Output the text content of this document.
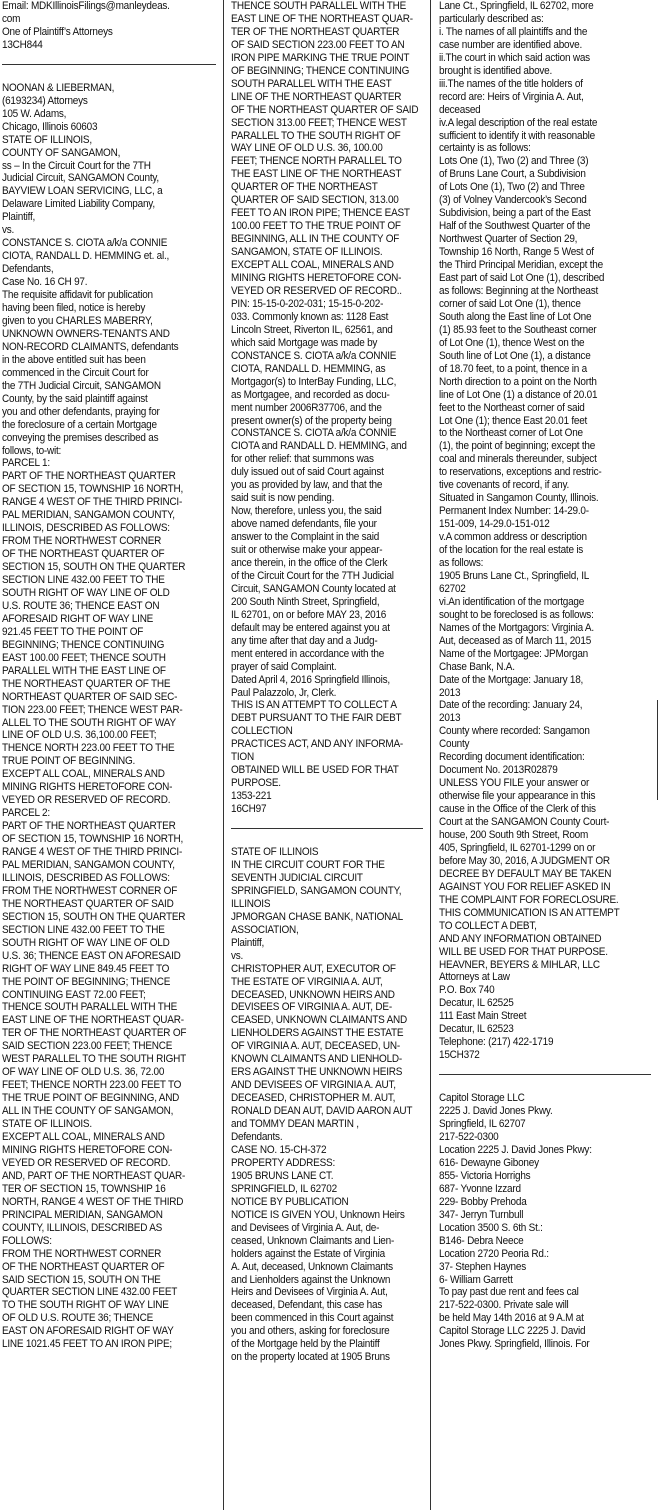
Email: MDKIllinoisFilings@manleydeas.
com
One of Plaintiff’s Attorneys
13CH844
NOONAN & LIEBERMAN,
(6193234) Attorneys
105 W. Adams,
Chicago, Illinois 60603
STATE OF ILLINOIS,
COUNTY OF SANGAMON,
ss – In the Circuit Court for the 7TH
Judicial Circuit, SANGAMON County,
BAYVIEW LOAN SERVICING, LLC, a
Delaware Limited Liability Company,
Plaintiff,
vs.
CONSTANCE S. CIOTA a/k/a CONNIE
CIOTA, RANDALL D. HEMMING et. al.,
Defendants,
Case No. 16 CH 97.
The requisite affidavit for publication
having been filed, notice is hereby
given to you CHARLES MABERRY,
UNKNOWN OWNERS-TENANTS AND
NON-RECORD CLAIMANTS, defendants
in the above entitled suit has been
commenced in the Circuit Court for
the 7TH Judicial Circuit, SANGAMON
County, by the said plaintiff against
you and other defendants, praying for
the foreclosure of a certain Mortgage
conveying the premises described as
follows, to-wit:
PARCEL 1:
PART OF THE NORTHEAST QUARTER
OF SECTION 15, TOWNSHIP 16 NORTH,
RANGE 4 WEST OF THE THIRD PRINCI-
PAL MERIDIAN, SANGAMON COUNTY,
ILLINOIS, DESCRIBED AS FOLLOWS:
FROM THE NORTHWEST CORNER
OF THE NORTHEAST QUARTER OF
SECTION 15, SOUTH ON THE QUARTER
SECTION LINE 432.00 FEET TO THE
SOUTH RIGHT OF WAY LINE OF OLD
U.S. ROUTE 36; THENCE EAST ON
AFORESAID RIGHT OF WAY LINE
921.45 FEET TO THE POINT OF
BEGINNING; THENCE CONTINUING
EAST 100.00 FEET; THENCE SOUTH
PARALLEL WITH THE EAST LINE OF
THE NORTHEAST QUARTER OF THE
NORTHEAST QUARTER OF SAID SEC-
TION 223.00 FEET; THENCE WEST PAR-
ALLEL TO THE SOUTH RIGHT OF WAY
LINE OF OLD U.S. 36,100.00 FEET;
THENCE NORTH 223.00 FEET TO THE
TRUE POINT OF BEGINNING.
EXCEPT ALL COAL, MINERALS AND
MINING RIGHTS HERETOFORE CON-
VEYED OR RESERVED OF RECORD.
PARCEL 2:
PART OF THE NORTHEAST QUARTER
OF SECTION 15, TOWNSHIP 16 NORTH,
RANGE 4 WEST OF THE THIRD PRINCI-
PAL MERIDIAN, SANGAMON COUNTY,
ILLINOIS, DESCRIBED AS FOLLOWS:
FROM THE NORTHWEST CORNER OF
THE NORTHEAST QUARTER OF SAID
SECTION 15, SOUTH ON THE QUARTER
SECTION LINE 432.00 FEET TO THE
SOUTH RIGHT OF WAY LINE OF OLD
U.S. 36; THENCE EAST ON AFORESAID
RIGHT OF WAY LINE 849.45 FEET TO
THE POINT OF BEGINNING; THENCE
CONTINUING EAST 72.00 FEET;
THENCE SOUTH PARALLEL WITH THE
EAST LINE OF THE NORTHEAST QUAR-
TER OF THE NORTHEAST QUARTER OF
SAID SECTION 223.00 FEET; THENCE
WEST PARALLEL TO THE SOUTH RIGHT
OF WAY LINE OF OLD U.S. 36, 72.00
FEET; THENCE NORTH 223.00 FEET TO
THE TRUE POINT OF BEGINNING, AND
ALL IN THE COUNTY OF SANGAMON,
STATE OF ILLINOIS.
EXCEPT ALL COAL, MINERALS AND
MINING RIGHTS HERETOFORE CON-
VEYED OR RESERVED OF RECORD.
AND, PART OF THE NORTHEAST QUAR-
TER OF SECTION 15, TOWNSHIP 16
NORTH, RANGE 4 WEST OF THE THIRD
PRINCIPAL MERIDIAN, SANGAMON
COUNTY, ILLINOIS, DESCRIBED AS
FOLLOWS:
FROM THE NORTHWEST CORNER
OF THE NORTHEAST QUARTER OF
SAID SECTION 15, SOUTH ON THE
QUARTER SECTION LINE 432.00 FEET
TO THE SOUTH RIGHT OF WAY LINE
OF OLD U.S. ROUTE 36; THENCE
EAST ON AFORESAID RIGHT OF WAY
LINE 1021.45 FEET TO AN IRON PIPE;
THENCE SOUTH PARALLEL WITH THE
EAST LINE OF THE NORTHEAST QUAR-
TER OF THE NORTHEAST QUARTER
OF SAID SECTION 223.00 FEET TO AN
IRON PIPE MARKING THE TRUE POINT
OF BEGINNING; THENCE CONTINUING
SOUTH PARALLEL WITH THE EAST
LINE OF THE NORTHEAST QUARTER
OF THE NORTHEAST QUARTER OF SAID
SECTION 313.00 FEET; THENCE WEST
PARALLEL TO THE SOUTH RIGHT OF
WAY LINE OF OLD U.S. 36, 100.00
FEET; THENCE NORTH PARALLEL TO
THE EAST LINE OF THE NORTHEAST
QUARTER OF THE NORTHEAST
QUARTER OF SAID SECTION, 313.00
FEET TO AN IRON PIPE; THENCE EAST
100.00 FEET TO THE TRUE POINT OF
BEGINNING, ALL IN THE COUNTY OF
SANGAMON, STATE OF ILLINOIS.
EXCEPT ALL COAL, MINERALS AND
MINING RIGHTS HERETOFORE CON-
VEYED OR RESERVED OF RECORD..
PIN: 15-15-0-202-031; 15-15-0-202-
033. Commonly known as: 1128 East
Lincoln Street, Riverton IL, 62561, and
which said Mortgage was made by
CONSTANCE S. CIOTA a/k/a CONNIE
CIOTA, RANDALL D. HEMMING, as
Mortgagor(s) to InterBay Funding, LLC,
as Mortgagee, and recorded as docu-
ment number 2006R37706, and the
present owner(s) of the property being
CONSTANCE S. CIOTA a/k/a CONNIE
CIOTA and RANDALL D. HEMMING, and
for other relief: that summons was
duly issued out of said Court against
you as provided by law, and that the
said suit is now pending.
Now, therefore, unless you, the said
above named defendants, file your
answer to the Complaint in the said
suit or otherwise make your appear-
ance therein, in the office of the Clerk
of the Circuit Court for the 7TH Judicial
Circuit, SANGAMON County located at
200 South Ninth Street, Springfield,
IL 62701, on or before MAY 23, 2016
default may be entered against you at
any time after that day and a Judg-
ment entered in accordance with the
prayer of said Complaint.
Dated April 4, 2016 Springfield Illinois,
Paul Palazzolo, Jr, Clerk.
THIS IS AN ATTEMPT TO COLLECT A
DEBT PURSUANT TO THE FAIR DEBT
COLLECTION
PRACTICES ACT, AND ANY INFORMA-
TION
OBTAINED WILL BE USED FOR THAT
PURPOSE.
1353-221
16CH97
STATE OF ILLINOIS
IN THE CIRCUIT COURT FOR THE
SEVENTH JUDICIAL CIRCUIT
SPRINGFIELD, SANGAMON COUNTY,
ILLINOIS
JPMORGAN CHASE BANK, NATIONAL
ASSOCIATION,
Plaintiff,
vs.
CHRISTOPHER AUT, EXECUTOR OF
THE ESTATE OF VIRGINIA A. AUT,
DECEASED, UNKNOWN HEIRS AND
DEVISEES OF VIRGINIA A. AUT, DE-
CEASED, UNKNOWN CLAIMANTS AND
LIENHOLDERS AGAINST THE ESTATE
OF VIRGINIA A. AUT, DECEASED, UN-
KNOWN CLAIMANTS AND LIENHOLD-
ERS AGAINST THE UNKNOWN HEIRS
AND DEVISEES OF VIRGINIA A. AUT,
DECEASED, CHRISTOPHER M. AUT,
RONALD DEAN AUT, DAVID AARON AUT
and TOMMY DEAN MARTIN ,
Defendants.
CASE NO. 15-CH-372
PROPERTY ADDRESS:
1905 BRUNS LANE CT.
SPRINGFIELD, IL 62702
NOTICE BY PUBLICATION
NOTICE IS GIVEN YOU, Unknown Heirs
and Devisees of Virginia A. Aut, de-
ceased, Unknown Claimants and Lien-
holders against the Estate of Virginia
A. Aut, deceased, Unknown Claimants
and Lienholders against the Unknown
Heirs and Devisees of Virginia A. Aut,
deceased, Defendant, this case has
been commenced in this Court against
you and others, asking for foreclosure
of the Mortgage held by the Plaintiff
on the property located at 1905 Bruns
Lane Ct., Springfield, IL 62702, more
particularly described as:
i. The names of all plaintiffs and the
case number are identified above.
ii.The court in which said action was
brought is identified above.
iii.The names of the title holders of
record are: Heirs of Virginia A. Aut,
deceased
iv.A legal description of the real estate
sufficient to identify it with reasonable
certainty is as follows:
Lots One (1), Two (2) and Three (3)
of Bruns Lane Court, a Subdivision
of Lots One (1), Two (2) and Three
(3) of Volney Vandercook’s Second
Subdivision, being a part of the East
Half of the Southwest Quarter of the
Northwest Quarter of Section 29,
Township 16 North, Range 5 West of
the Third Principal Meridian, except the
East part of said Lot One (1), described
as follows: Beginning at the Northeast
corner of said Lot One (1), thence
South along the East line of Lot One
(1) 85.93 feet to the Southeast corner
of Lot One (1), thence West on the
South line of Lot One (1), a distance
of 18.70 feet, to a point, thence in a
North direction to a point on the North
line of Lot One (1) a distance of 20.01
feet to the Northeast corner of said
Lot One (1); thence East 20.01 feet
to the Northeast corner of Lot One
(1), the point of beginning; except the
coal and minerals thereunder, subject
to reservations, exceptions and restric-
tive covenants of record, if any.
Situated in Sangamon County, Illinois.
Permanent Index Number: 14-29.0-
151-009, 14-29.0-151-012
v.A common address or description
of the location for the real estate is
as follows:
1905 Bruns Lane Ct., Springfield, IL
62702
vi.An identification of the mortgage
sought to be foreclosed is as follows:
Names of the Mortgagors: Virginia A.
Aut, deceased as of March 11, 2015
Name of the Mortgagee: JPMorgan
Chase Bank, N.A.
Date of the Mortgage: January 18,
2013
Date of the recording: January 24,
2013
County where recorded: Sangamon
County
Recording document identification:
Document No. 2013R02879
UNLESS YOU FILE your answer or
otherwise file your appearance in this
cause in the Office of the Clerk of this
Court at the SANGAMON County Court-
house, 200 South 9th Street, Room
405, Springfield, IL 62701-1299 on or
before May 30, 2016, A JUDGMENT OR
DECREE BY DEFAULT MAY BE TAKEN
AGAINST YOU FOR RELIEF ASKED IN
THE COMPLAINT FOR FORECLOSURE.
THIS COMMUNICATION IS AN ATTEMPT
TO COLLECT A DEBT,
AND ANY INFORMATION OBTAINED
WILL BE USED FOR THAT PURPOSE.
HEAVNER, BEYERS & MIHLAR, LLC
Attorneys at Law
P.O. Box 740
Decatur, IL 62525
111 East Main Street
Decatur, IL 62523
Telephone: (217) 422-1719
15CH372
Capitol Storage LLC
2225 J. David Jones Pkwy.
Springfield, IL 62707
217-522-0300
Location 2225 J. David Jones Pkwy:
616- Dewayne Giboney
855- Victoria Horrighs
687- Yvonne Izzard
229- Bobby Prehoda
347- Jerryn Turnbull
Location 3500 S. 6th St.:
B146- Debra Neece
Location 2720 Peoria Rd.:
37- Stephen Haynes
6- William Garrett
To pay past due rent and fees cal
217-522-0300. Private sale will
be held May 14th 2016 at 9 A.M at
Capitol Storage LLC 2225 J. David
Jones Pkwy. Springfield, Illinois. For
